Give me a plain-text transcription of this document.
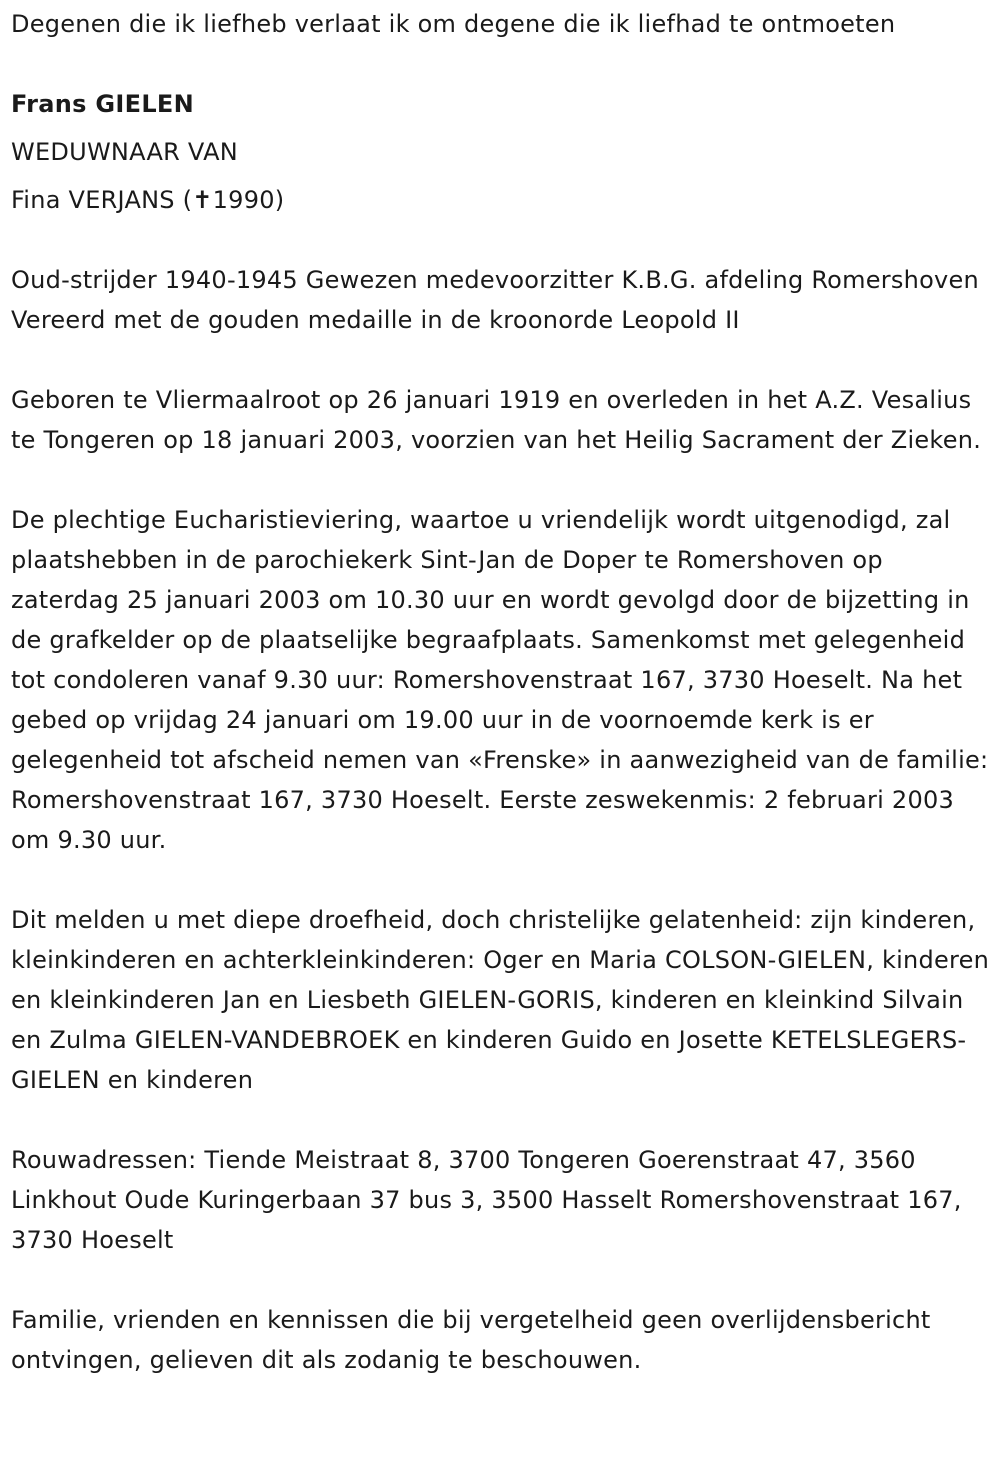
Degenen die ik liefheb verlaat ik om degene die ik liefhad te ontmoeten

Frans GIELEN
WEDUWNAAR VAN
Fina VERJANS (✝1990)

Oud-strijder 1940-1945 Gewezen medevoorzitter K.B.G. afdeling Romershoven Vereerd met de gouden medaille in de kroonorde Leopold II

Geboren te Vliermaalroot op 26 januari 1919 en overleden in het A.Z. Vesalius te Tongeren op 18 januari 2003, voorzien van het Heilig Sacrament der Zieken.

De plechtige Eucharistieviering, waartoe u vriendelijk wordt uitgenodigd, zal plaatshebben in de parochiekerk Sint-Jan de Doper te Romershoven op zaterdag 25 januari 2003 om 10.30 uur en wordt gevolgd door de bijzetting in de grafkelder op de plaatselijke begraafplaats. Samenkomst met gelegenheid tot condoleren vanaf 9.30 uur: Romershovenstraat 167, 3730 Hoeselt. Na het gebed op vrijdag 24 januari om 19.00 uur in de voornoemde kerk is er gelegenheid tot afscheid nemen van «Frenske» in aanwezigheid van de familie: Romershovenstraat 167, 3730 Hoeselt. Eerste zeswekenmis: 2 februari 2003 om 9.30 uur.

Dit melden u met diepe droefheid, doch christelijke gelatenheid: zijn kinderen, kleinkinderen en achterkleinkinderen: Oger en Maria COLSON-GIELEN, kinderen en kleinkinderen Jan en Liesbeth GIELEN-GORIS, kinderen en kleinkind Silvain en Zulma GIELEN-VANDEBROEK en kinderen Guido en Josette KETELSLEGERS-GIELEN en kinderen

Rouwadressen: Tiende Meistraat 8, 3700 Tongeren Goerenstraat 47, 3560 Linkhout Oude Kuringerbaan 37 bus 3, 3500 Hasselt Romershovenstraat 167, 3730 Hoeselt

Familie, vrienden en kennissen die bij vergetelheid geen overlijdensbericht ontvingen, gelieven dit als zodanig te beschouwen.
